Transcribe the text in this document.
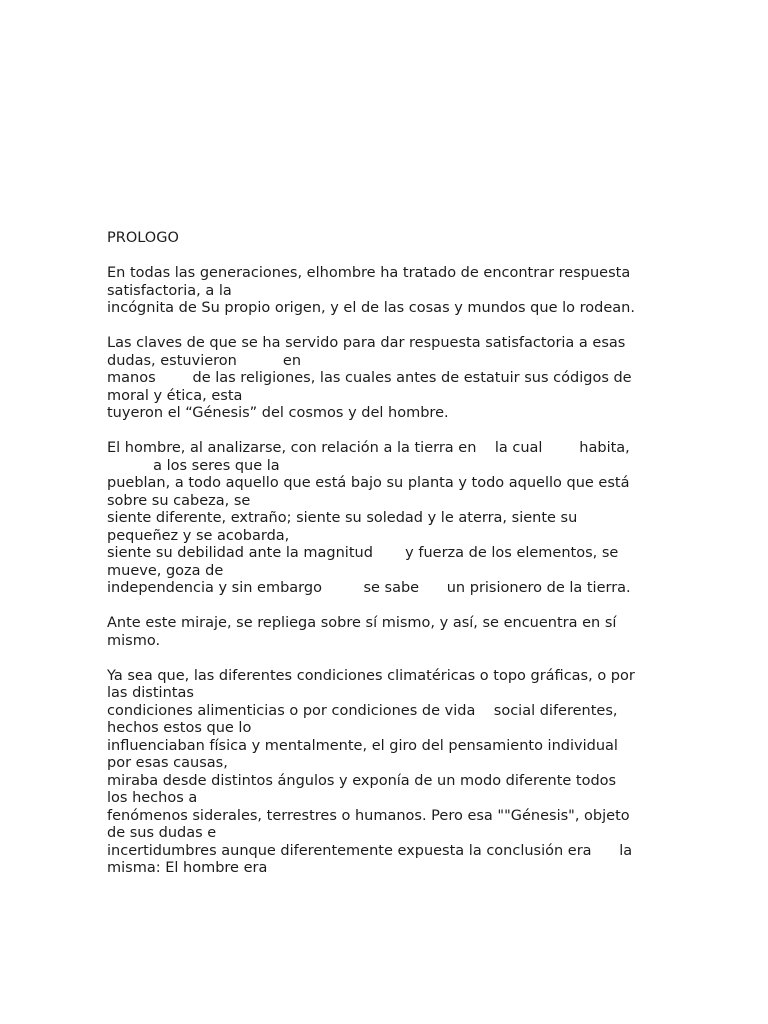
PROLOGO
En todas las generaciones, elhombre ha tratado de encontrar respuesta
satisfactoria, a la
incógnita de Su propio origen, y el de las cosas y mundos que lo rodean.
Las claves de que se ha servido para dar respuesta satisfactoria a esas
dudas, estuvieron          en
manos        de las religiones, las cuales antes de estatuir sus códigos de
moral y ética, esta
tuyeron el “Génesis” del cosmos y del hombre.
El hombre, al analizarse, con relación a la tierra en    la cual        habita,
a los seres que la
pueblan, a todo aquello que está bajo su planta y todo aquello que está
sobre su cabeza, se
siente diferente, extraño; siente su soledad y le aterra, siente su
pequeñez y se acobarda,
siente su debilidad ante la magnitud       y fuerza de los elementos, se
mueve, goza de
independencia y sin embargo         se sabe      un prisionero de la tierra.
Ante este miraje, se repliega sobre sí mismo, y así, se encuentra en sí
mismo.
Ya sea que, las diferentes condiciones climatéricas o topo gráficas, o por
las distintas
condiciones alimenticias o por condiciones de vida    social diferentes,
hechos estos que lo
influenciaban física y mentalmente, el giro del pensamiento individual
por esas causas,
miraba desde distintos ángulos y exponía de un modo diferente todos
los hechos a
fenómenos siderales, terrestres o humanos. Pero esa ""Génesis", objeto
de sus dudas e
incertidumbres aunque diferentemente expuesta la conclusión era      la
misma: El hombre era
